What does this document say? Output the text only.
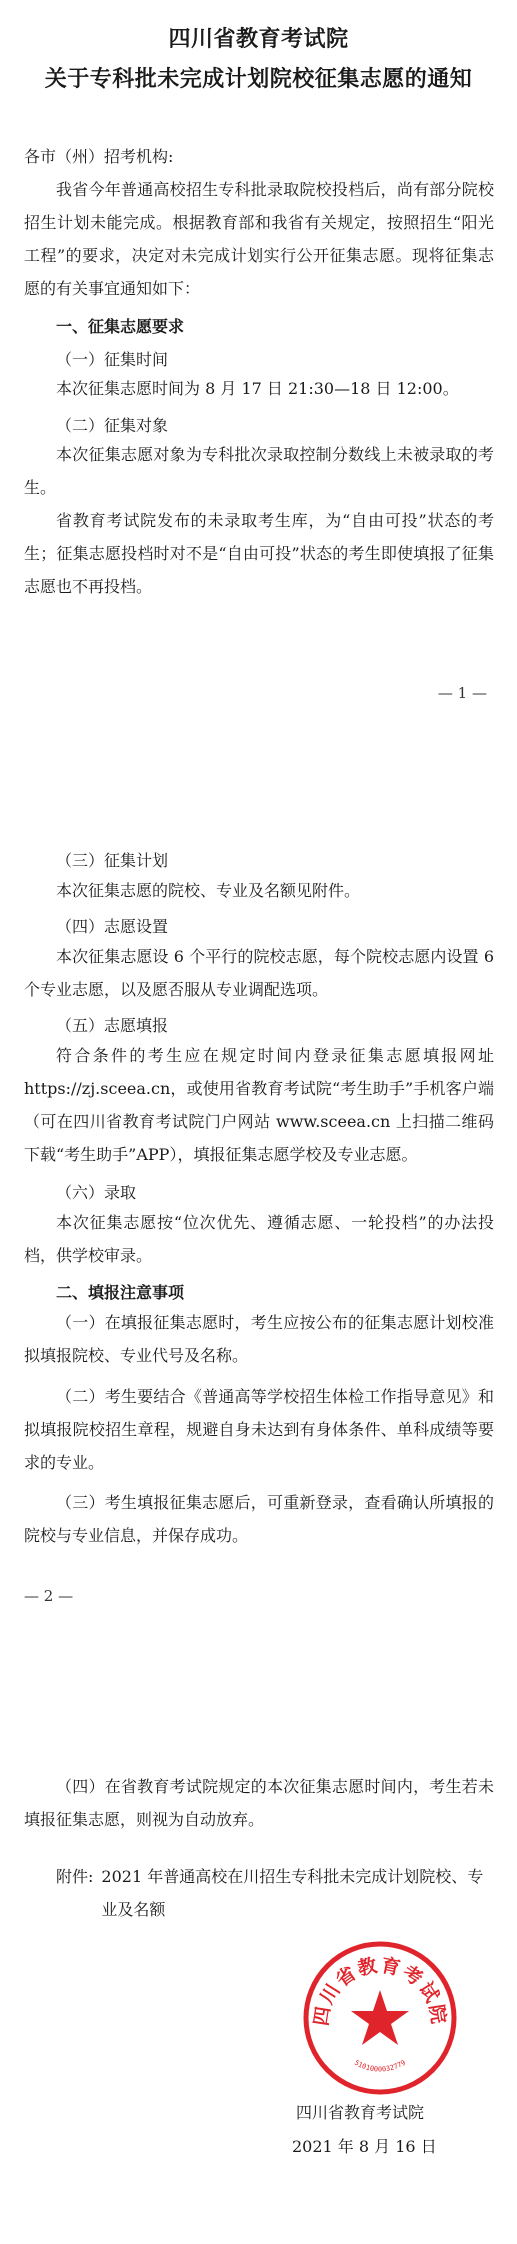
四川省教育考试院
关于专科批未完成计划院校征集志愿的通知
各市（州）招考机构:
我省今年普通高校招生专科批录取院校投档后，尚有部分院校招生计划未能完成。根据教育部和我省有关规定，按照招生“阳光工程”的要求，决定对未完成计划实行公开征集志愿。现将征集志愿的有关事宜通知如下：
一、征集志愿要求
（一）征集时间
本次征集志愿时间为 8 月 17 日 21:30—18 日 12:00。
（二）征集对象
本次征集志愿对象为专科批次录取控制分数线上未被录取的考生。
省教育考试院发布的未录取考生库，为“自由可投”状态的考生；征集志愿投档时对不是“自由可投”状态的考生即使填报了征集志愿也不再投档。
— 1 —
（三）征集计划
本次征集志愿的院校、专业及名额见附件。
（四）志愿设置
本次征集志愿设 6 个平行的院校志愿，每个院校志愿内设置 6 个专业志愿，以及愿否服从专业调配选项。
（五）志愿填报
符合条件的考生应在规定时间内登录征集志愿填报网址 https://zj.sceea.cn，或使用省教育考试院“考生助手”手机客户端（可在四川省教育考试院门户网站 www.sceea.cn 上扫描二维码下载“考生助手”APP），填报征集志愿学校及专业志愿。
（六）录取
本次征集志愿按“位次优先、遵循志愿、一轮投档”的办法投档，供学校审录。
二、填报注意事项
（一）在填报征集志愿时，考生应按公布的征集志愿计划校准拟填报院校、专业代号及名称。
（二）考生要结合《普通高等学校招生体检工作指导意见》和拟填报院校招生章程，规避自身未达到有身体条件、单科成绩等要求的专业。
（三）考生填报征集志愿后，可重新登录，查看确认所填报的院校与专业信息，并保存成功。
— 2 —
（四）在省教育考试院规定的本次征集志愿时间内，考生若未填报征集志愿，则视为自动放弃。
附件: 2021 年普通高校在川招生专科批未完成计划院校、专业及名额
四川省教育考试院
5101000032779
四川省教育考试院
2021 年 8 月 16 日
